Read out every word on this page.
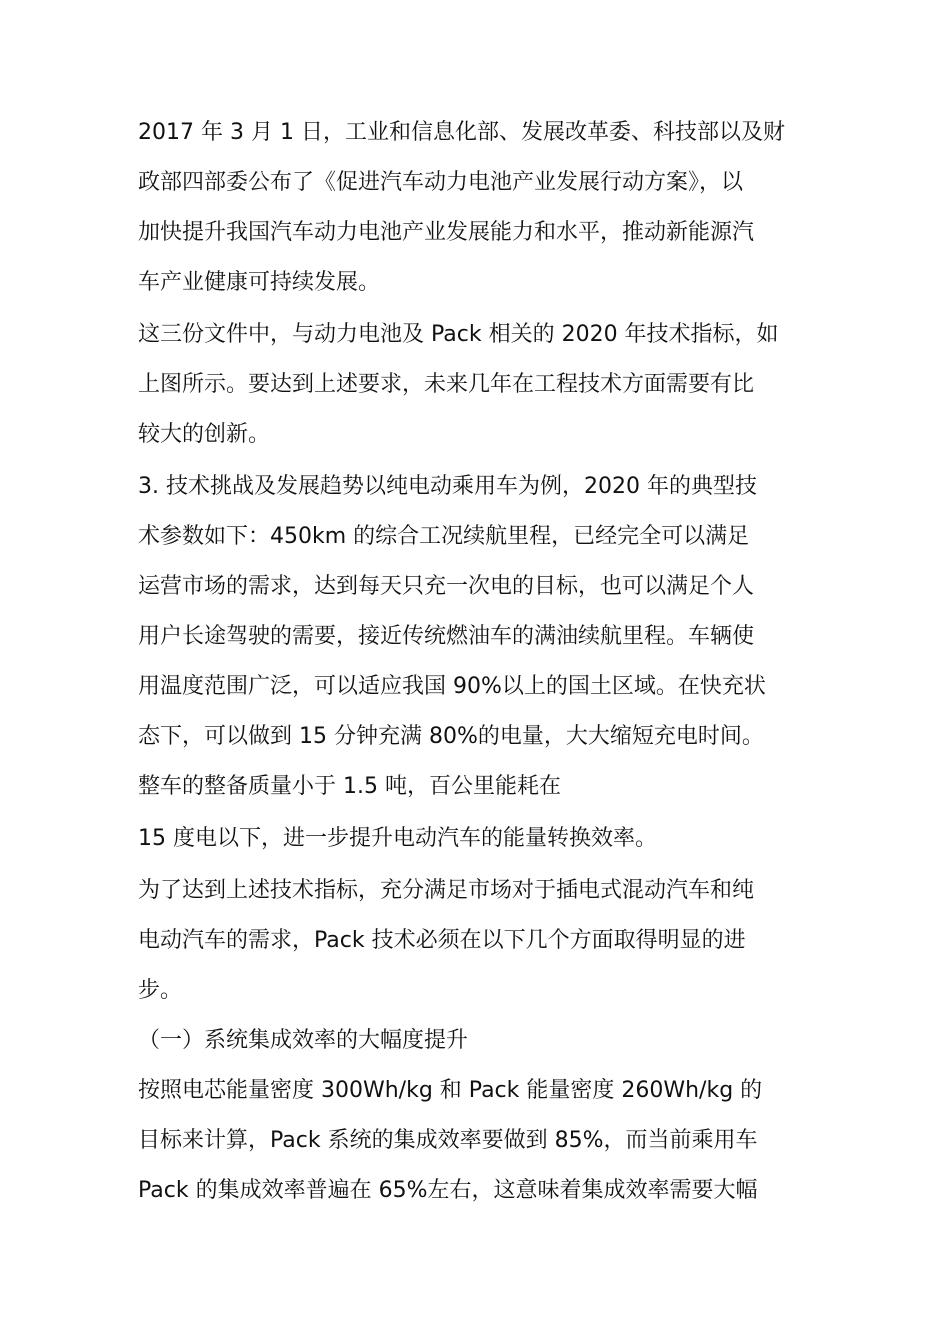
2017 年 3 月 1 日，工业和信息化部、发展改革委、科技部以及财
政部四部委公布了《促进汽车动力电池产业发展行动方案》，以
加快提升我国汽车动力电池产业发展能力和水平，推动新能源汽
车产业健康可持续发展。
这三份文件中，与动力电池及 Pack 相关的 2020 年技术指标，如
上图所示。要达到上述要求，未来几年在工程技术方面需要有比
较大的创新。
3. 技术挑战及发展趋势以纯电动乘用车为例，2020 年的典型技
术参数如下：450km 的综合工况续航里程，已经完全可以满足
运营市场的需求，达到每天只充一次电的目标，也可以满足个人
用户长途驾驶的需要，接近传统燃油车的满油续航里程。车辆使
用温度范围广泛，可以适应我国 90%以上的国土区域。在快充状
态下，可以做到 15 分钟充满 80%的电量，大大缩短充电时间。
整车的整备质量小于 1.5 吨，百公里能耗在
15 度电以下，进一步提升电动汽车的能量转换效率。
为了达到上述技术指标，充分满足市场对于插电式混动汽车和纯
电动汽车的需求，Pack 技术必须在以下几个方面取得明显的进
步。
（一）系统集成效率的大幅度提升
按照电芯能量密度 300Wh/kg 和 Pack 能量密度 260Wh/kg 的
目标来计算，Pack 系统的集成效率要做到 85%，而当前乘用车
Pack 的集成效率普遍在 65%左右，这意味着集成效率需要大幅
